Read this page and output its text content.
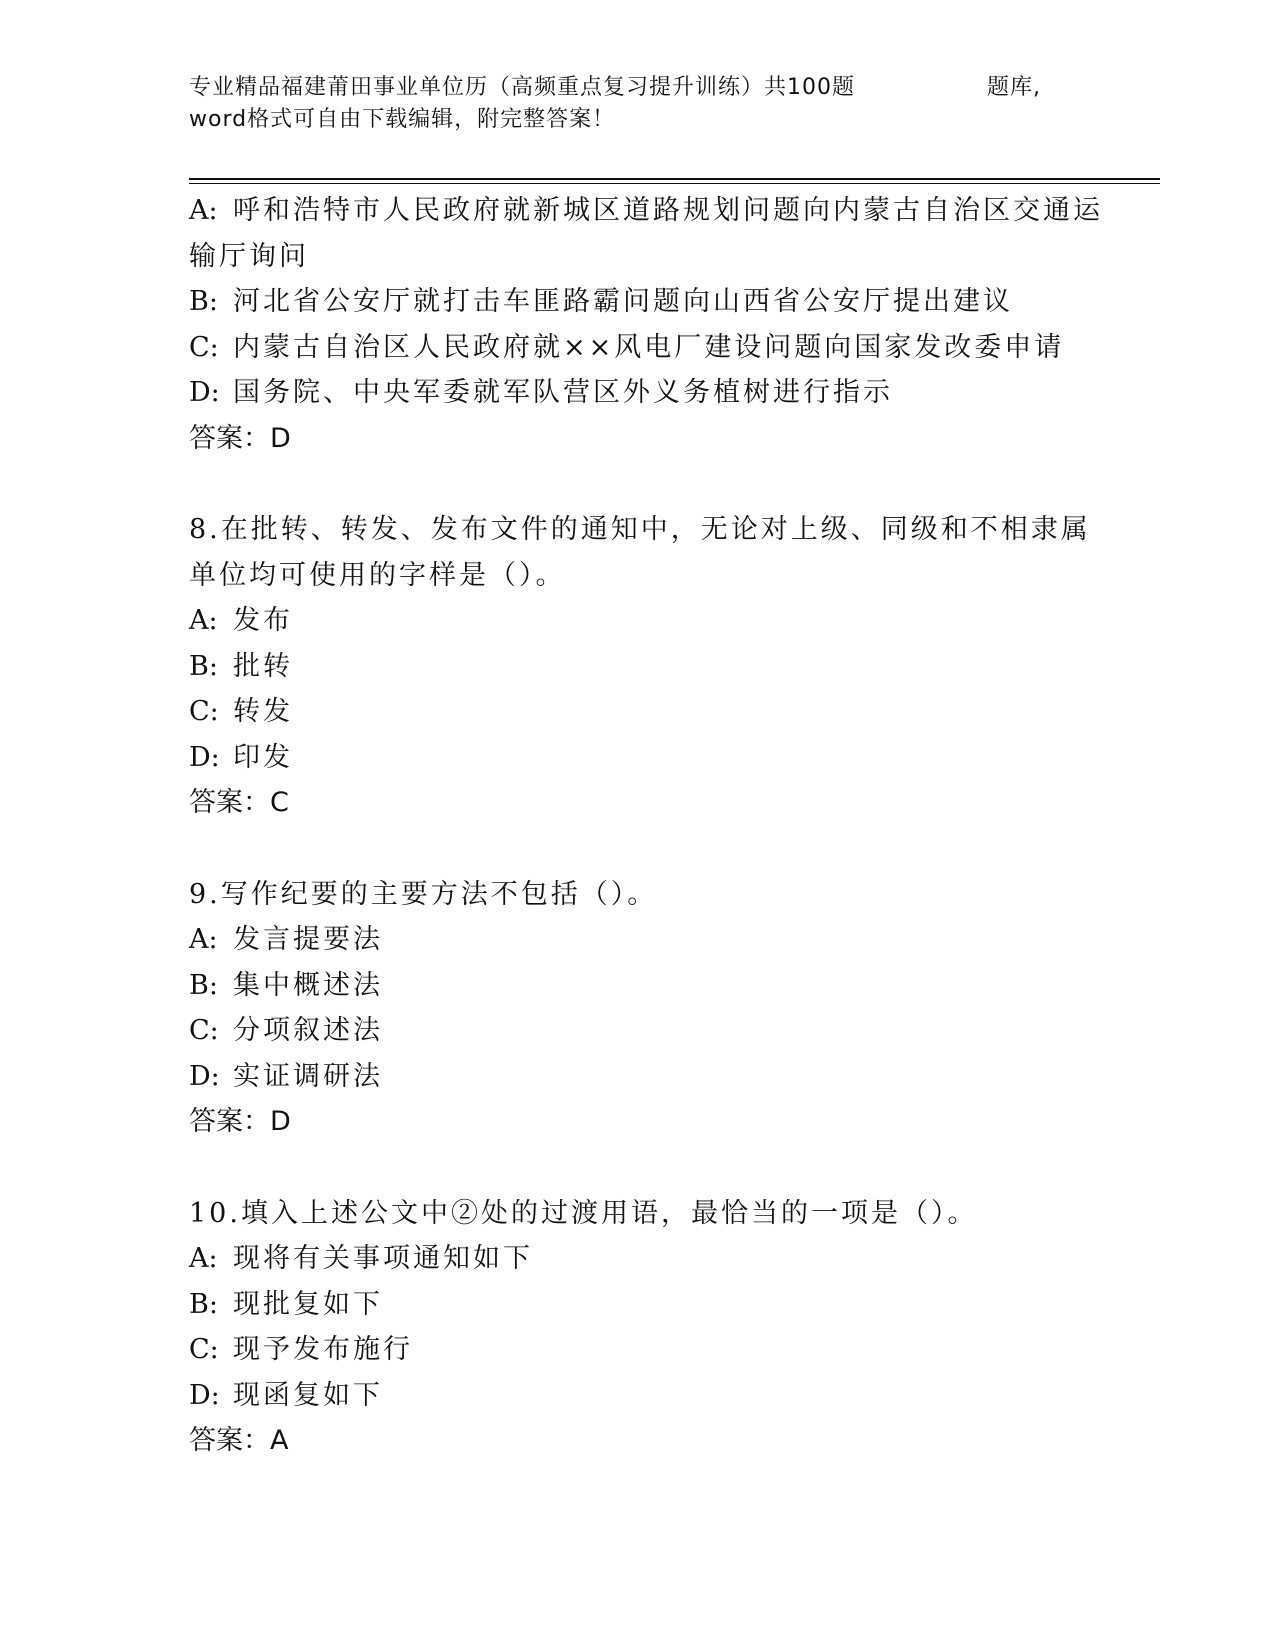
专业精品福建莆田事业单位历（高频重点复习提升训练）共100题	题库,
word格式可自由下载编辑，附完整答案！
A: 呼和浩特市人民政府就新城区道路规划问题向内蒙古自治区交通运
输厅询问
B: 河北省公安厅就打击车匪路霸问题向山西省公安厅提出建议
C: 内蒙古自治区人民政府就××风电厂建设问题向国家发改委申请
D: 国务院、中央军委就军队营区外义务植树进行指示
答案：D
8.在批转、转发、发布文件的通知中，无论对上级、同级和不相隶属
单位均可使用的字样是（）。
A: 发布
B: 批转
C: 转发
D: 印发
答案：C
9.写作纪要的主要方法不包括（）。
A: 发言提要法
B: 集中概述法
C: 分项叙述法
D: 实证调研法
答案：D
10.填入上述公文中②处的过渡用语，最恰当的一项是（）。
A: 现将有关事项通知如下
B: 现批复如下
C: 现予发布施行
D: 现函复如下
答案：A
